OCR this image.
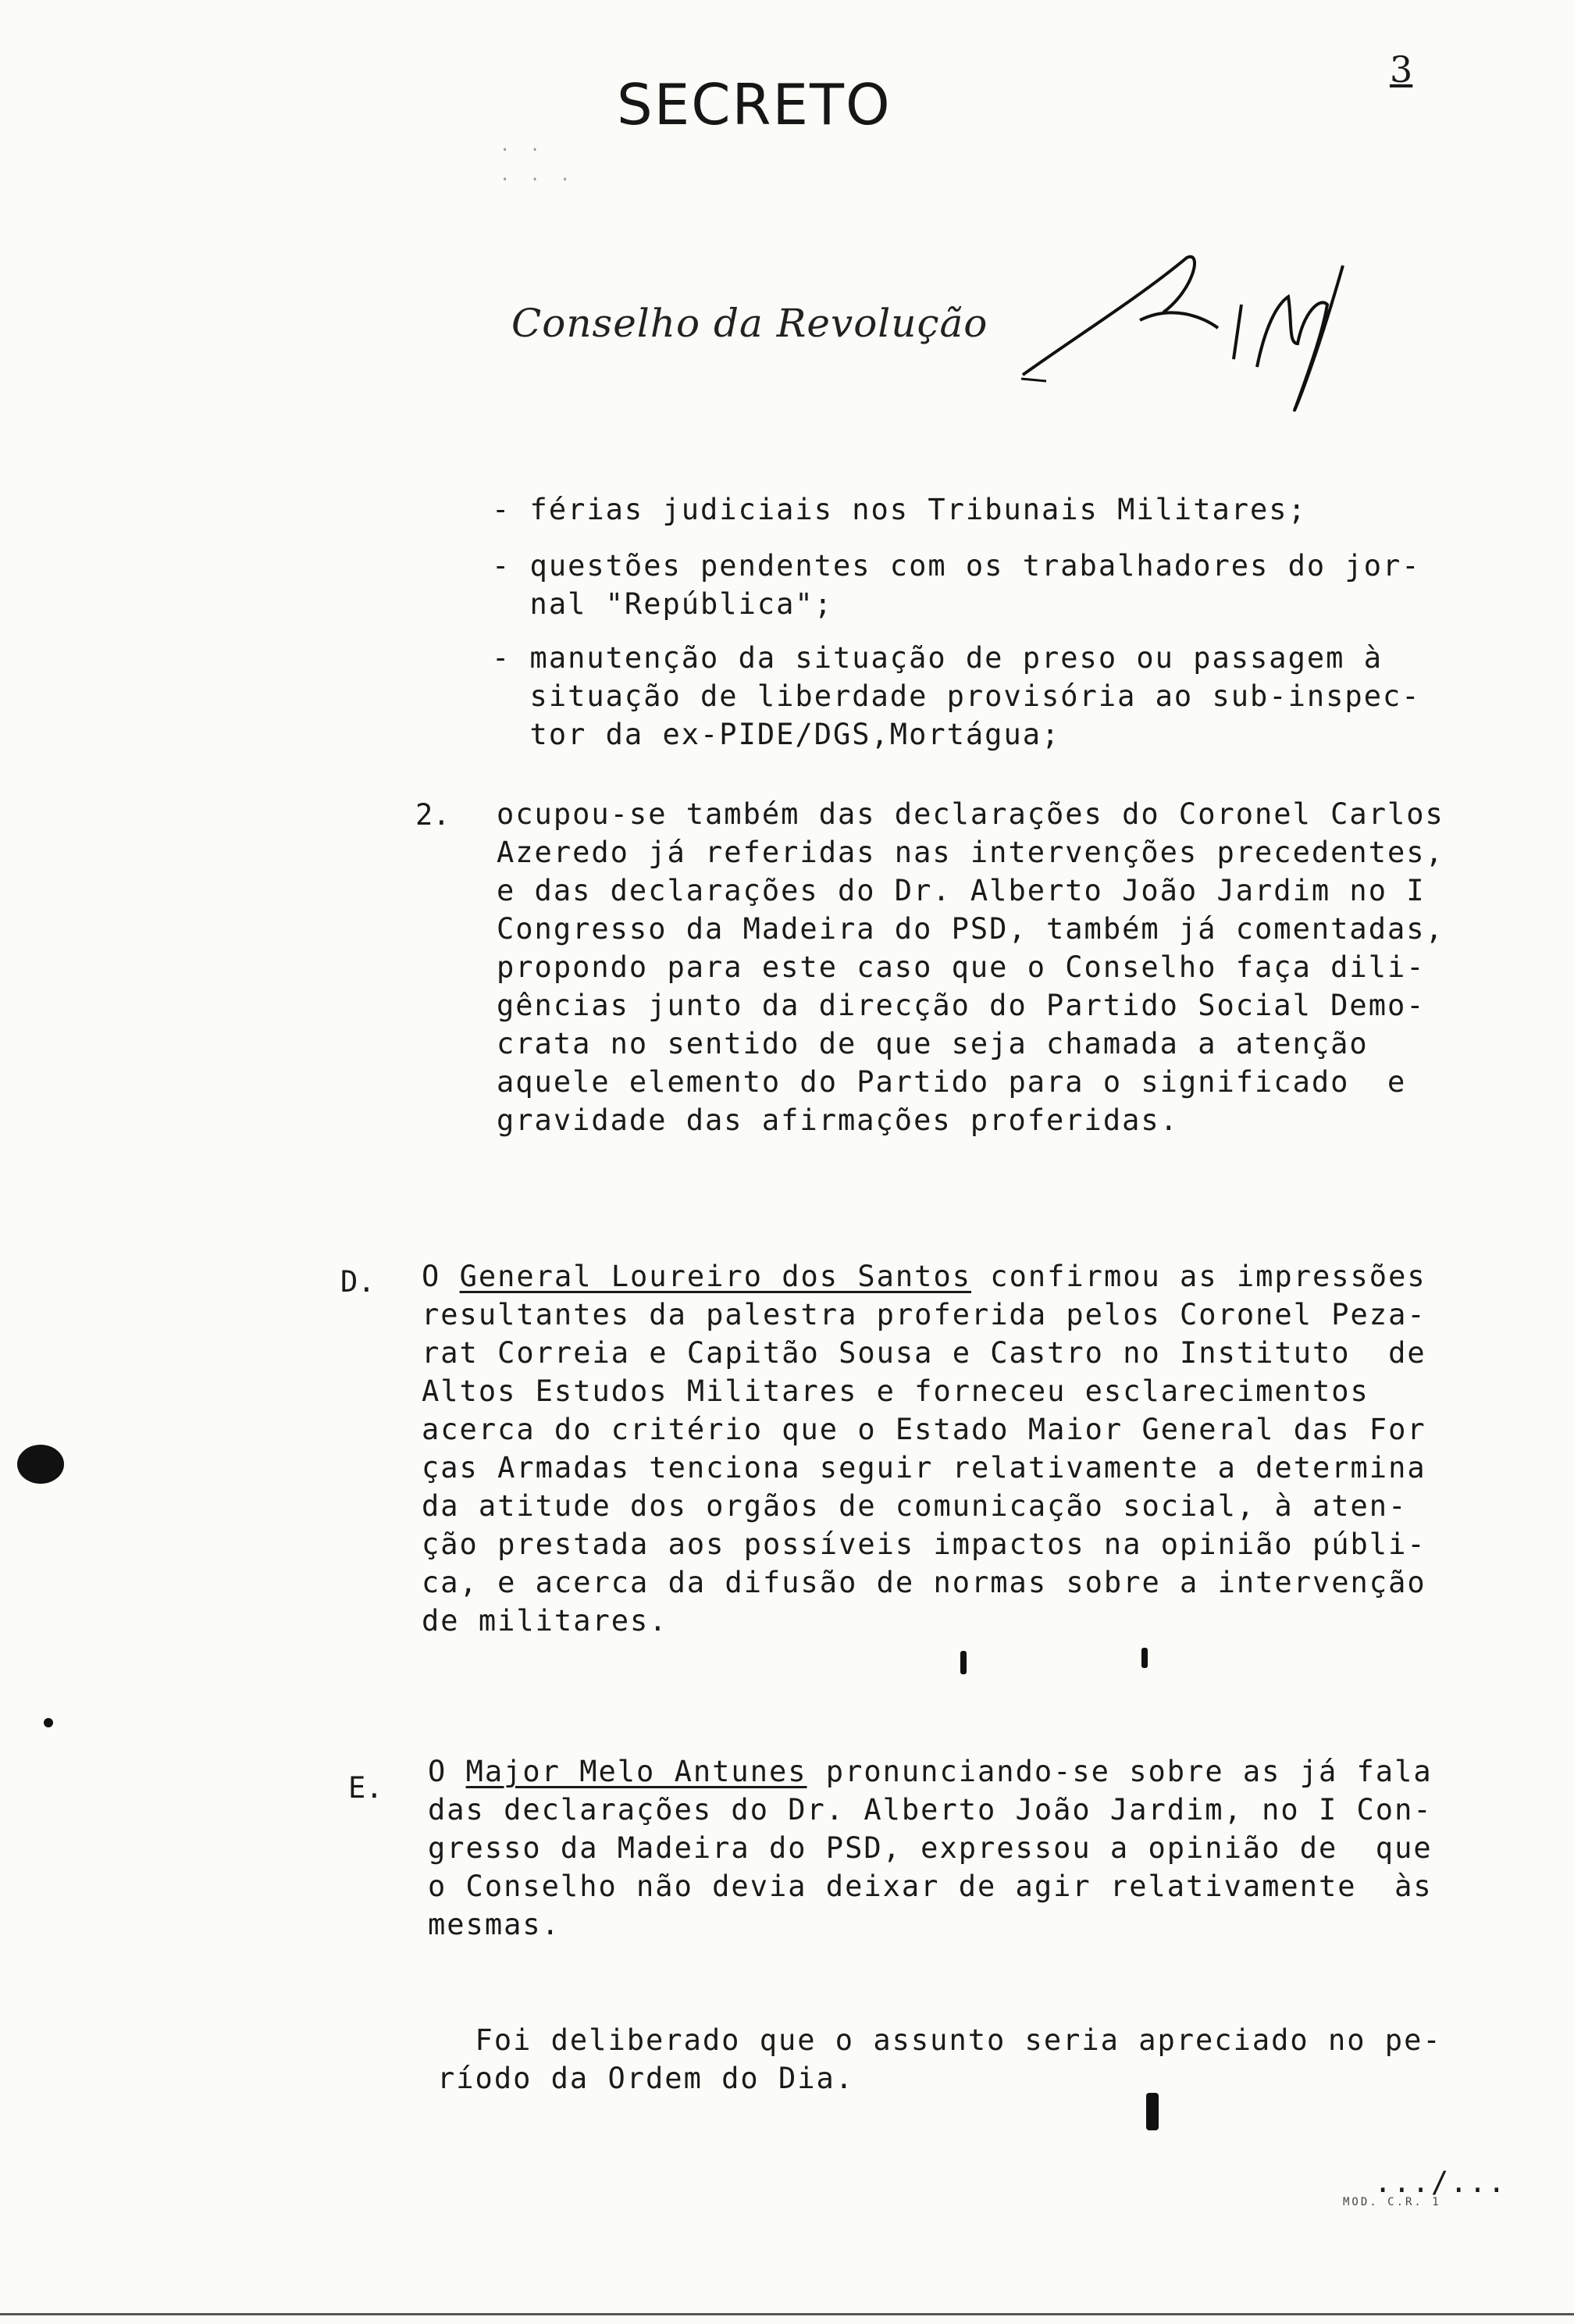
SECRETO
· ·
· · ·
3
Conselho da Revolução
- férias judiciais nos Tribunais Militares;
- questões pendentes com os trabalhadores do jor-
nal "República";
- manutenção da situação de preso ou passagem à
situação de liberdade provisória ao sub-inspec-
tor da ex-PIDE/DGS,Mortágua;
2. ocupou-se também das declarações do Coronel Carlos
Azeredo já referidas nas intervenções precedentes,
e das declarações do Dr. Alberto João Jardim no I
Congresso da Madeira do PSD, também já comentadas,
propondo para este caso que o Conselho faça dili-
gências junto da direcção do Partido Social Demo-
crata no sentido de que seja chamada a atenção
aquele elemento do Partido para o significado  e
gravidade das afirmações proferidas.
D. O General Loureiro dos Santos confirmou as impressões
resultantes da palestra proferida pelos Coronel Peza-
rat Correia e Capitão Sousa e Castro no Instituto  de
Altos Estudos Militares e forneceu esclarecimentos
acerca do critério que o Estado Maior General das For
ças Armadas tenciona seguir relativamente a determina
da atitude dos orgãos de comunicação social, à aten-
ção prestada aos possíveis impactos na opinião públi-
ca, e acerca da difusão de normas sobre a intervenção
de militares.
E. O Major Melo Antunes pronunciando-se sobre as já fala
das declarações do Dr. Alberto João Jardim, no I Con-
gresso da Madeira do PSD, expressou a opinião de  que
o Conselho não devia deixar de agir relativamente  às
mesmas.
Foi deliberado que o assunto seria apreciado no pe-
ríodo da Ordem do Dia.
.../...
MOD. C.R. 1
